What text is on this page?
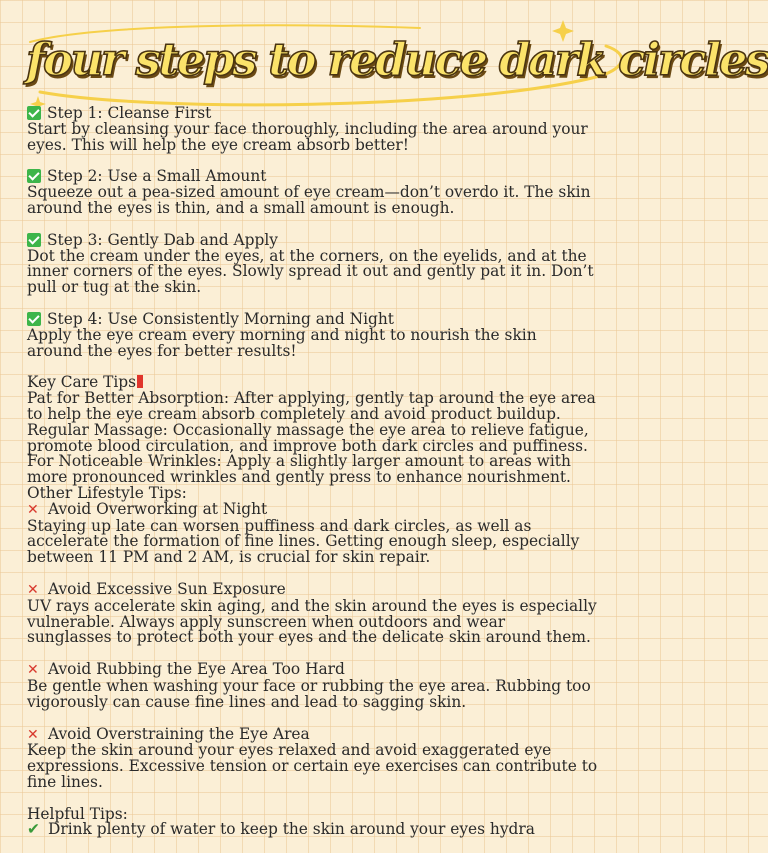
four steps to reduce dark circles
Step 1: Cleanse First
Start by cleansing your face thoroughly, including the area around your
eyes. This will help the eye cream absorb better!
Step 2: Use a Small Amount
Squeeze out a pea-sized amount of eye cream—don’t overdo it. The skin
around the eyes is thin, and a small amount is enough.
Step 3: Gently Dab and Apply
Dot the cream under the eyes, at the corners, on the eyelids, and at the
inner corners of the eyes. Slowly spread it out and gently pat it in. Don’t
pull or tug at the skin.
Step 4: Use Consistently Morning and Night
Apply the eye cream every morning and night to nourish the skin
around the eyes for better results!
Key Care Tips
Pat for Better Absorption: After applying, gently tap around the eye area
to help the eye cream absorb completely and avoid product buildup.
Regular Massage: Occasionally massage the eye area to relieve fatigue,
promote blood circulation, and improve both dark circles and puffiness.
For Noticeable Wrinkles: Apply a slightly larger amount to areas with
more pronounced wrinkles and gently press to enhance nourishment.
Other Lifestyle Tips:
✕ Avoid Overworking at Night
Staying up late can worsen puffiness and dark circles, as well as
accelerate the formation of fine lines. Getting enough sleep, especially
between 11 PM and 2 AM, is crucial for skin repair.
✕ Avoid Excessive Sun Exposure
UV rays accelerate skin aging, and the skin around the eyes is especially
vulnerable. Always apply sunscreen when outdoors and wear
sunglasses to protect both your eyes and the delicate skin around them.
✕ Avoid Rubbing the Eye Area Too Hard
Be gentle when washing your face or rubbing the eye area. Rubbing too
vigorously can cause fine lines and lead to sagging skin.
✕ Avoid Overstraining the Eye Area
Keep the skin around your eyes relaxed and avoid exaggerated eye
expressions. Excessive tension or certain eye exercises can contribute to
fine lines.
Helpful Tips:
✔ Drink plenty of water to keep the skin around your eyes hydra
